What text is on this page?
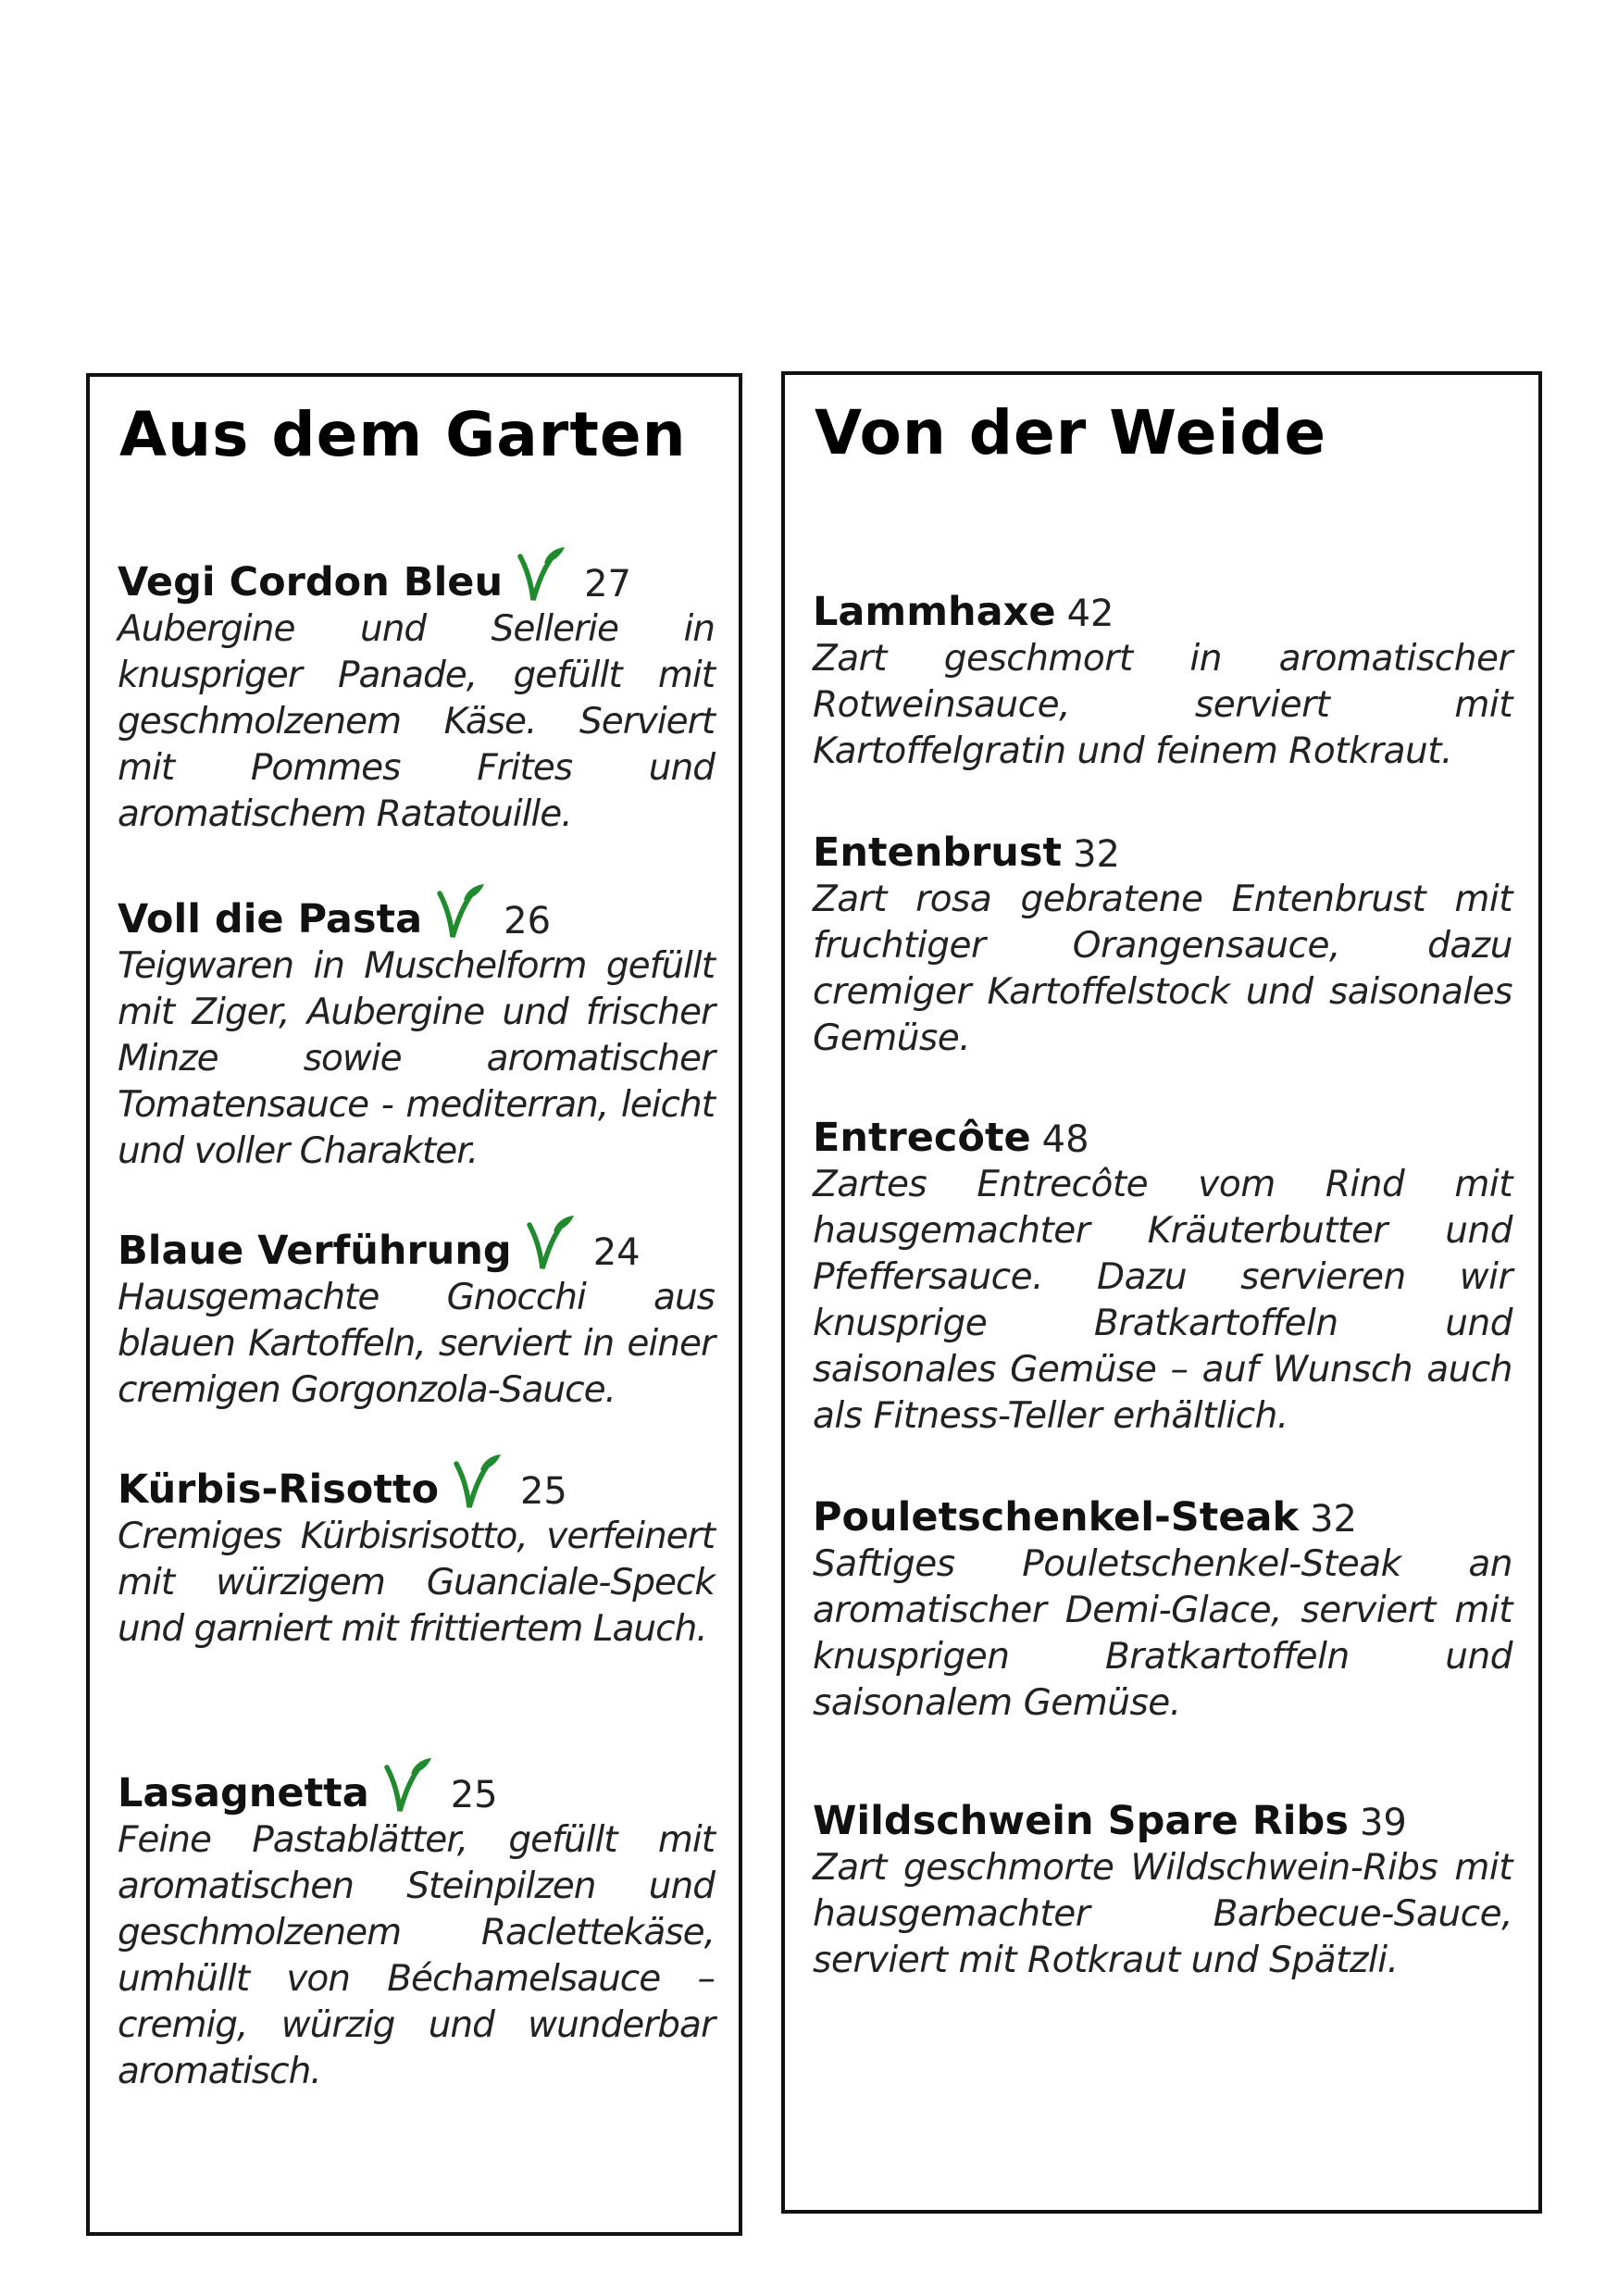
Aus dem Garten
Vegi Cordon Bleu 27

Aubergine und Sellerie in knuspriger Panade, gefüllt mit geschmolzenem Käse. Serviert mit Pommes Frites und aromatischem Ratatouille.

Voll die Pasta 26

Teigwaren in Muschelform gefüllt mit Ziger, Aubergine und frischer Minze sowie aromatischer Tomatensauce - mediterran, leicht und voller Charakter.

Blaue Verführung 24

Hausgemachte Gnocchi aus blauen Kartoffeln, serviert in einer cremigen Gorgonzola-Sauce.

Kürbis-Risotto 25

Cremiges Kürbisrisotto, verfeinert mit würzigem Guanciale-Speck und garniert mit frittiertem Lauch.

Lasagnetta 25

Feine Pastablätter, gefüllt mit aromatischen Steinpilzen und geschmolzenem Raclettekäse, umhüllt von Béchamelsauce – cremig, würzig und wunderbar aromatisch.

Von der Weide
Lammhaxe 42

Zart geschmort in aromatischer Rotweinsauce, serviert mit Kartoffelgratin und feinem Rotkraut.

Entenbrust 32

Zart rosa gebratene Entenbrust mit fruchtiger Orangensauce, dazu cremiger Kartoffelstock und saisonales Gemüse.

Entrecôte 48

Zartes Entrecôte vom Rind mit hausgemachter Kräuterbutter und Pfeffersauce. Dazu servieren wir knusprige Bratkartoffeln und saisonales Gemüse – auf Wunsch auch als Fitness-Teller erhältlich.

Pouletschenkel-Steak 32

Saftiges Pouletschenkel-Steak an aromatischer Demi-Glace, serviert mit knusprigen Bratkartoffeln und saisonalem Gemüse.

Wildschwein Spare Ribs 39

Zart geschmorte Wildschwein-Ribs mit hausgemachter Barbecue-Sauce, serviert mit Rotkraut und Spätzli.
